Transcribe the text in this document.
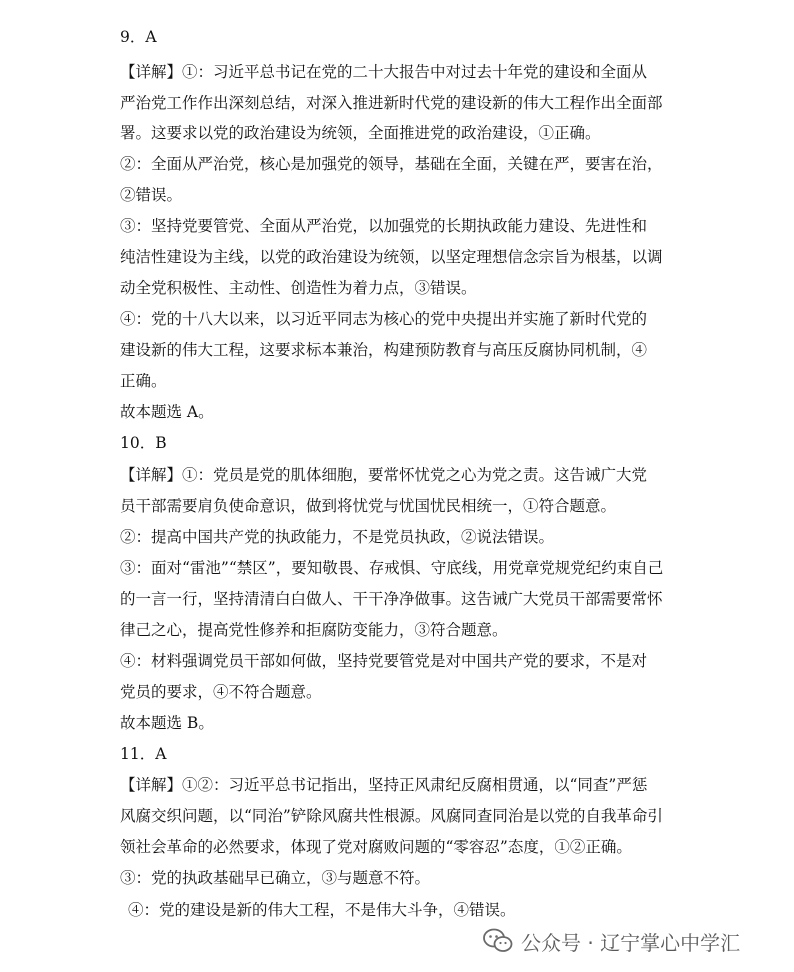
9．A
【详解】①：习近平总书记在党的二十大报告中对过去十年党的建设和全面从
严治党工作作出深刻总结，对深入推进新时代党的建设新的伟大工程作出全面部
署。这要求以党的政治建设为统领，全面推进党的政治建设，①正确。
②：全面从严治党，核心是加强党的领导，基础在全面，关键在严，要害在治，
②错误。
③：坚持党要管党、全面从严治党，以加强党的长期执政能力建设、先进性和
纯洁性建设为主线，以党的政治建设为统领，以坚定理想信念宗旨为根基，以调
动全党积极性、主动性、创造性为着力点，③错误。
④：党的十八大以来，以习近平同志为核心的党中央提出并实施了新时代党的
建设新的伟大工程，这要求标本兼治，构建预防教育与高压反腐协同机制，④
正确。
故本题选 A。
10．B
【详解】①：党员是党的肌体细胞，要常怀忧党之心为党之责。这告诫广大党
员干部需要肩负使命意识，做到将忧党与忧国忧民相统一，①符合题意。
②：提高中国共产党的执政能力，不是党员执政，②说法错误。
③：面对“雷池”“禁区”，要知敬畏、存戒惧、守底线，用党章党规党纪约束自己
的一言一行，坚持清清白白做人、干干净净做事。这告诫广大党员干部需要常怀
律己之心，提高党性修养和拒腐防变能力，③符合题意。
④：材料强调党员干部如何做，坚持党要管党是对中国共产党的要求，不是对
党员的要求，④不符合题意。
故本题选 B。
11．A
【详解】①②：习近平总书记指出，坚持正风肃纪反腐相贯通，以“同查”严惩
风腐交织问题，以“同治”铲除风腐共性根源。风腐同查同治是以党的自我革命引
领社会革命的必然要求，体现了党对腐败问题的“零容忍”态度，①②正确。
③：党的执政基础早已确立，③与题意不符。
④：党的建设是新的伟大工程，不是伟大斗争，④错误。
公众号 · 辽宁掌心中学汇
